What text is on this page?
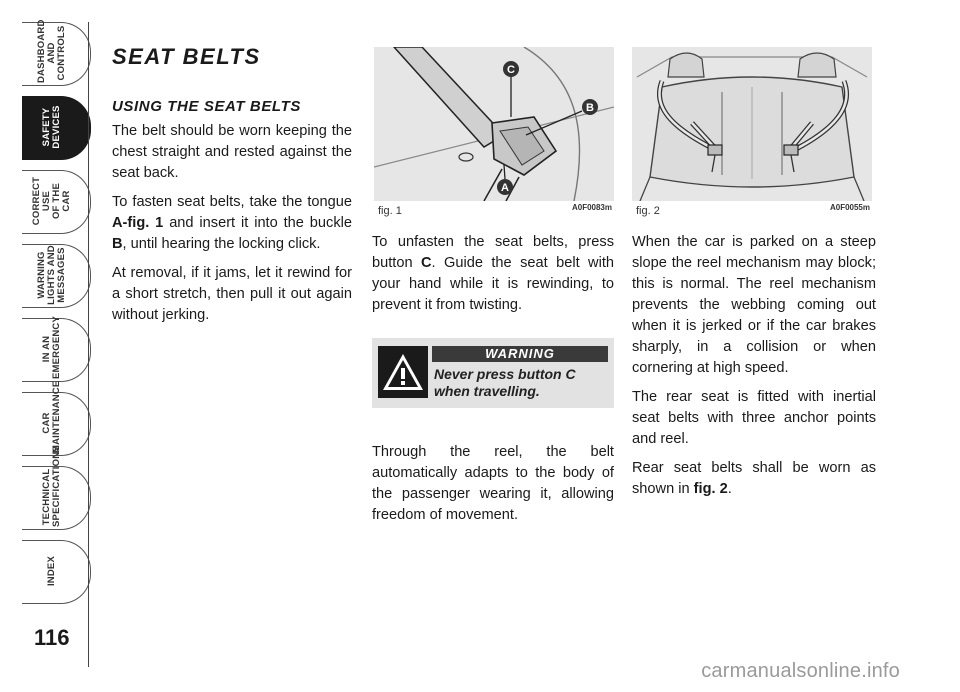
DASHBOARD
AND
CONTROLS
SAFETY
DEVICES
CORRECT USE
OF THE CAR
WARNING
LIGHTS AND
MESSAGES
IN AN
EMERGENCY
CAR
MAINTENANCE
TECHNICAL
SPECIFICATIONS
INDEX
116
SEAT BELTS
USING THE SEAT BELTS

The belt should be worn keeping the chest straight and rested against the seat back.

To fasten seat belts, take the tongue A-fig. 1 and insert it into the buckle B, until hearing the locking click.

At removal, if it jams, let it rewind for a short stretch, then pull it out again without jerking.

C
B
A
fig. 1	A0F0083m fig. 2	A0F0055m

To unfasten the seat belts, press button C. Guide the seat belt with your hand while it is rewinding, to prevent it from twisting.

WARNING
Never press button C when travelling.

Through the reel, the belt automatically adapts to the body of the passenger wearing it, allowing freedom of movement.

When the car is parked on a steep slope the reel mechanism may block; this is normal. The reel mechanism prevents the webbing coming out when it is jerked or if the car brakes sharply, in a collision or when cornering at high speed.

The rear seat is fitted with inertial seat belts with three anchor points and reel.

Rear seat belts shall be worn as shown in fig. 2.

carmanualsonline.info
